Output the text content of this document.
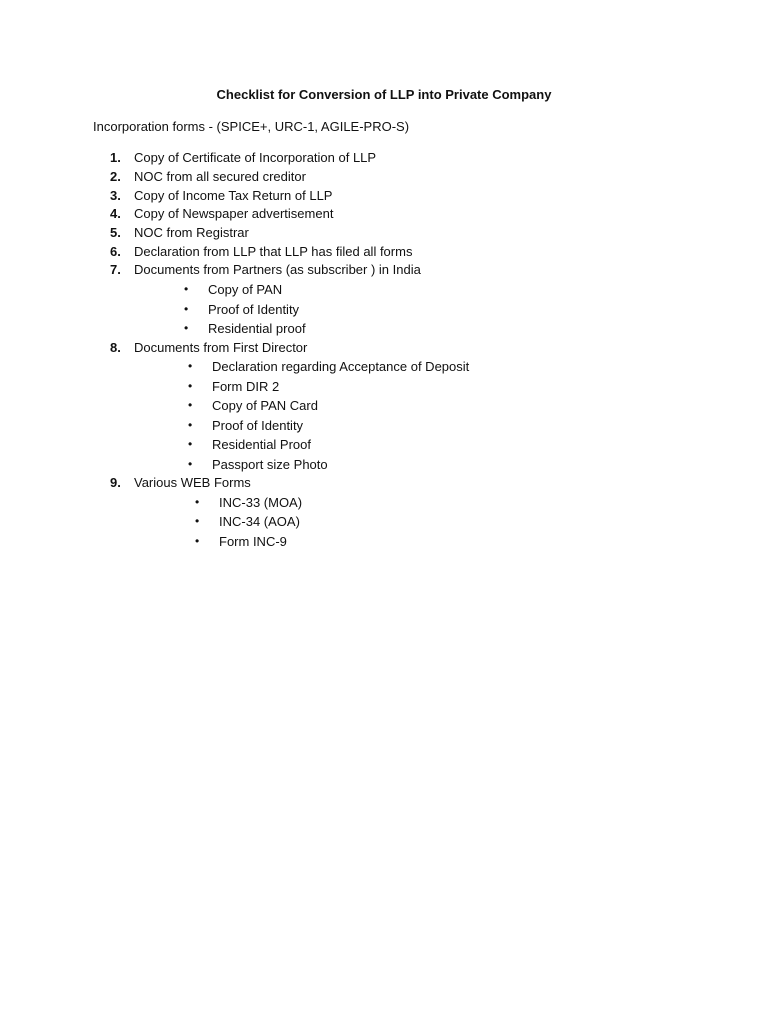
Checklist for Conversion of LLP into Private Company
Incorporation forms - (SPICE+, URC-1, AGILE-PRO-S)
1.	Copy of Certificate of Incorporation of LLP
2.	NOC from all secured creditor
3.	Copy of Income Tax Return of LLP
4.	Copy of Newspaper advertisement
5.	NOC from Registrar
6.	Declaration from LLP that LLP has filed all forms
7.	Documents from Partners (as subscriber ) in India
• Copy of PAN
• Proof of Identity
• Residential proof
8.	Documents from First Director
• Declaration regarding Acceptance of Deposit
• Form DIR 2
• Copy of PAN Card
• Proof of Identity
• Residential Proof
• Passport size Photo
9.	Various WEB Forms
• INC-33 (MOA)
• INC-34 (AOA)
• Form INC-9
